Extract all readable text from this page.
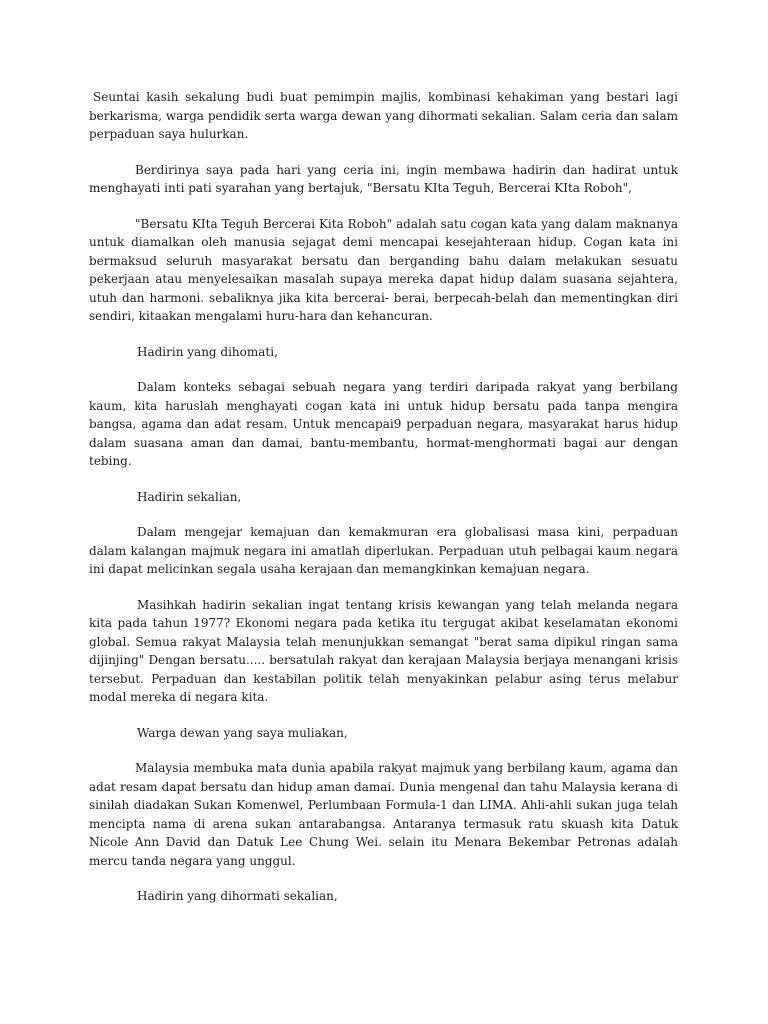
Seuntai kasih sekalung budi buat pemimpin majlis, kombinasi kehakiman yang bestari lagi berkarisma, warga pendidik serta warga dewan yang dihormati sekalian. Salam ceria dan salam perpaduan saya hulurkan.

Berdirinya saya pada hari yang ceria ini, ingin membawa hadirin dan hadirat untuk menghayati inti pati syarahan yang bertajuk, "Bersatu KIta Teguh, Bercerai KIta Roboh",

"Bersatu KIta Teguh Bercerai Kita Roboh" adalah satu cogan kata yang dalam maknanya untuk diamalkan oleh manusia sejagat demi mencapai kesejahteraan hidup. Cogan kata ini bermaksud seluruh masyarakat bersatu dan berganding bahu dalam melakukan sesuatu pekerjaan atau menyelesaikan masalah supaya mereka dapat hidup dalam suasana sejahtera, utuh dan harmoni. sebaliknya jika kita bercerai- berai, berpecah-belah dan mementingkan diri sendiri, kitaakan mengalami huru-hara dan kehancuran.

Hadirin yang dihomati,

Dalam konteks sebagai sebuah negara yang terdiri daripada rakyat yang berbilang kaum, kita haruslah menghayati cogan kata ini untuk hidup bersatu pada tanpa mengira bangsa, agama dan adat resam. Untuk mencapai9 perpaduan negara, masyarakat harus hidup dalam suasana aman dan damai, bantu-membantu, hormat-menghormati bagai aur dengan tebing.

Hadirin sekalian,

Dalam mengejar kemajuan dan kemakmuran era globalisasi masa kini, perpaduan dalam kalangan majmuk negara ini amatlah diperlukan. Perpaduan utuh pelbagai kaum negara ini dapat melicinkan segala usaha kerajaan dan memangkinkan kemajuan negara.

Masihkah hadirin sekalian ingat tentang krisis kewangan yang telah melanda negara kita pada tahun 1977? Ekonomi negara pada ketika itu tergugat akibat keselamatan ekonomi global. Semua rakyat Malaysia telah menunjukkan semangat "berat sama dipikul ringan sama dijinjing" Dengan bersatu..... bersatulah rakyat dan kerajaan Malaysia berjaya menangani krisis tersebut. Perpaduan dan kestabilan politik telah menyakinkan pelabur asing terus melabur modal mereka di negara kita.

Warga dewan yang saya muliakan,

Malaysia membuka mata dunia apabila rakyat majmuk yang berbilang kaum, agama dan adat resam dapat bersatu dan hidup aman damai. Dunia mengenal dan tahu Malaysia kerana di sinilah diadakan Sukan Komenwel, Perlumbaan Formula-1 dan LIMA. Ahli-ahli sukan juga telah mencipta nama di arena sukan antarabangsa. Antaranya termasuk ratu skuash kita Datuk Nicole Ann David dan Datuk Lee Chung Wei. selain itu Menara Bekembar Petronas adalah mercu tanda negara yang unggul.

Hadirin yang dihormati sekalian,
